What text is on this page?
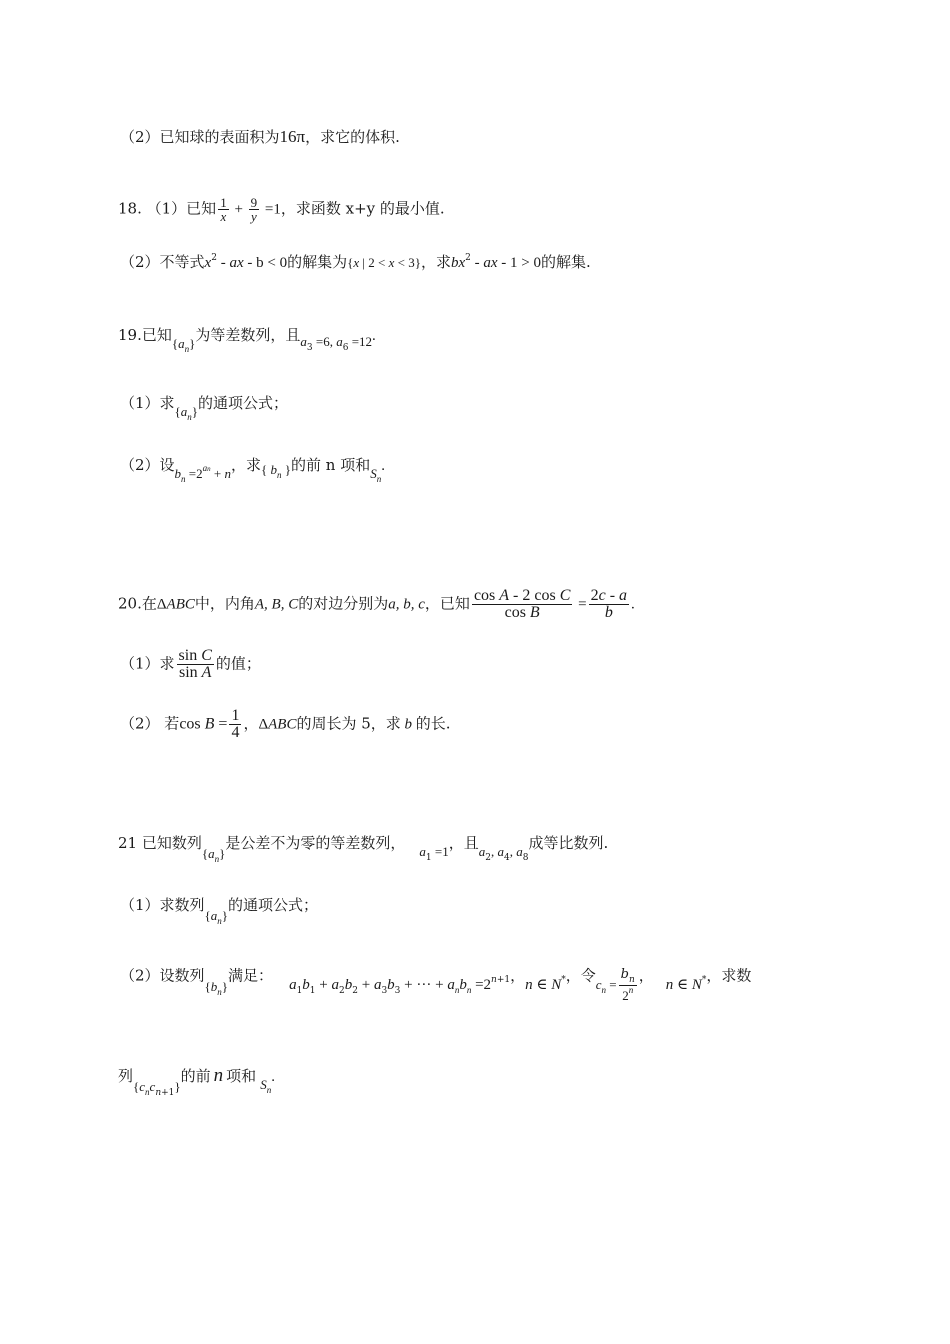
（2）已知球的表面积为16π，求它的体积.
18. （1）已知 $\frac{1}{x} + \frac{9}{y} =1$，求函数 x+y 的最小值.
（2）不等式$x^2$ - ax - b < 0的解集为{x | 2 < x < 3}，求$bx^2$ - ax - 1 > 0的解集.
19.已知$\{a_n\}$为等差数列，且$a_3 =6$, $a_6 =12$.
（1）求$\{a_n\}$的通项公式；
（2）设$b_n =2^{an} + n$，求{ $b_n$ }的前 n 项和$S_n$.
20.在ΔABC中，内角A, B, C的对边分别为a, b, c，已知 $\frac{\text{cos A - 2 cos C}}{\text{cos B}} = \frac{2c - a}{b}$ .
（1）求 $\frac{\text{sin C}}{\text{sin A}}$ 的值；
（2） 若$\cos B = \frac{1}{4}$ ，ΔABC的周长为 5，求 b 的长.
21 已知数列$\{a_n\}$是公差不为零的等差数列， $a_1 =1$，且$a_2$, $a_4$, $a_8$成等比数列.
（1）求数列$\{a_n\}$的通项公式；
（2）设数列$\{b_n\}$满足： $a_1b_1 + a_2b_2 + a_3b_3$ + ··· + $a_nb_n =2^{n+1}$，n ∈ N*，令$c_n = \frac{b_n}{2^n}$ ， n ∈ N*，求数
列$\{c_nc_{n+1}\}$的前 n 项和 $S_n$.
